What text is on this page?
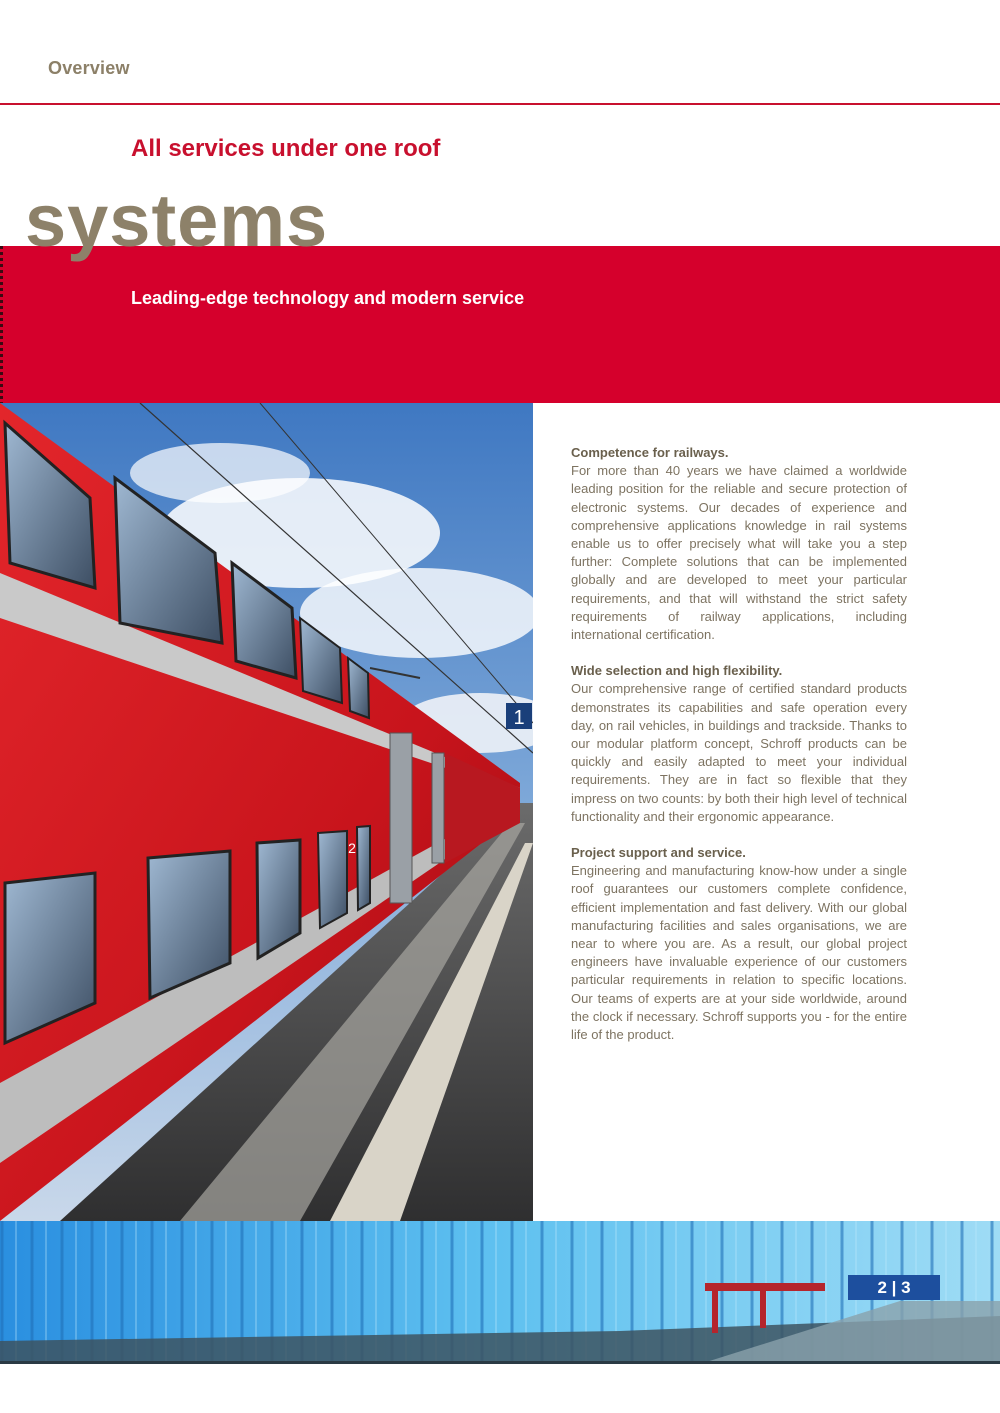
Overview
All services under one roof
systems
Leading-edge technology and modern service
1
2
Competence for railways.

For more than 40 years we have claimed a worldwide leading position for the reliable and secure protection of electronic systems. Our decades of experience and comprehensive applications knowledge in rail systems enable us to offer precisely what will take you a step further: Complete solutions that can be implemented globally and are developed to meet your particular requirements, and that will withstand the strict safety requirements of railway applications, including international certification.

Wide selection and high flexibility.

Our comprehensive range of certified standard products demonstrates its capabilities and safe operation every day, on rail vehicles, in buildings and trackside. Thanks to our modular platform concept, Schroff products can be quickly and easily adapted to meet your individual requirements. They are in fact so flexible that they impress on two counts: by both their high level of technical functionality and their ergonomic appearance.

Project support and service.

Engineering and manufacturing know-how under a single roof guarantees our customers complete confidence, efficient implementation and fast delivery. With our global manufacturing facilities and sales organisations, we are near to where you are. As a result, our global project engineers have invaluable experience of our customers particular requirements in relation to specific locations. Our teams of experts are at your side worldwide, around the clock if necessary. Schroff supports you - for the entire life of the product.

2 | 3
